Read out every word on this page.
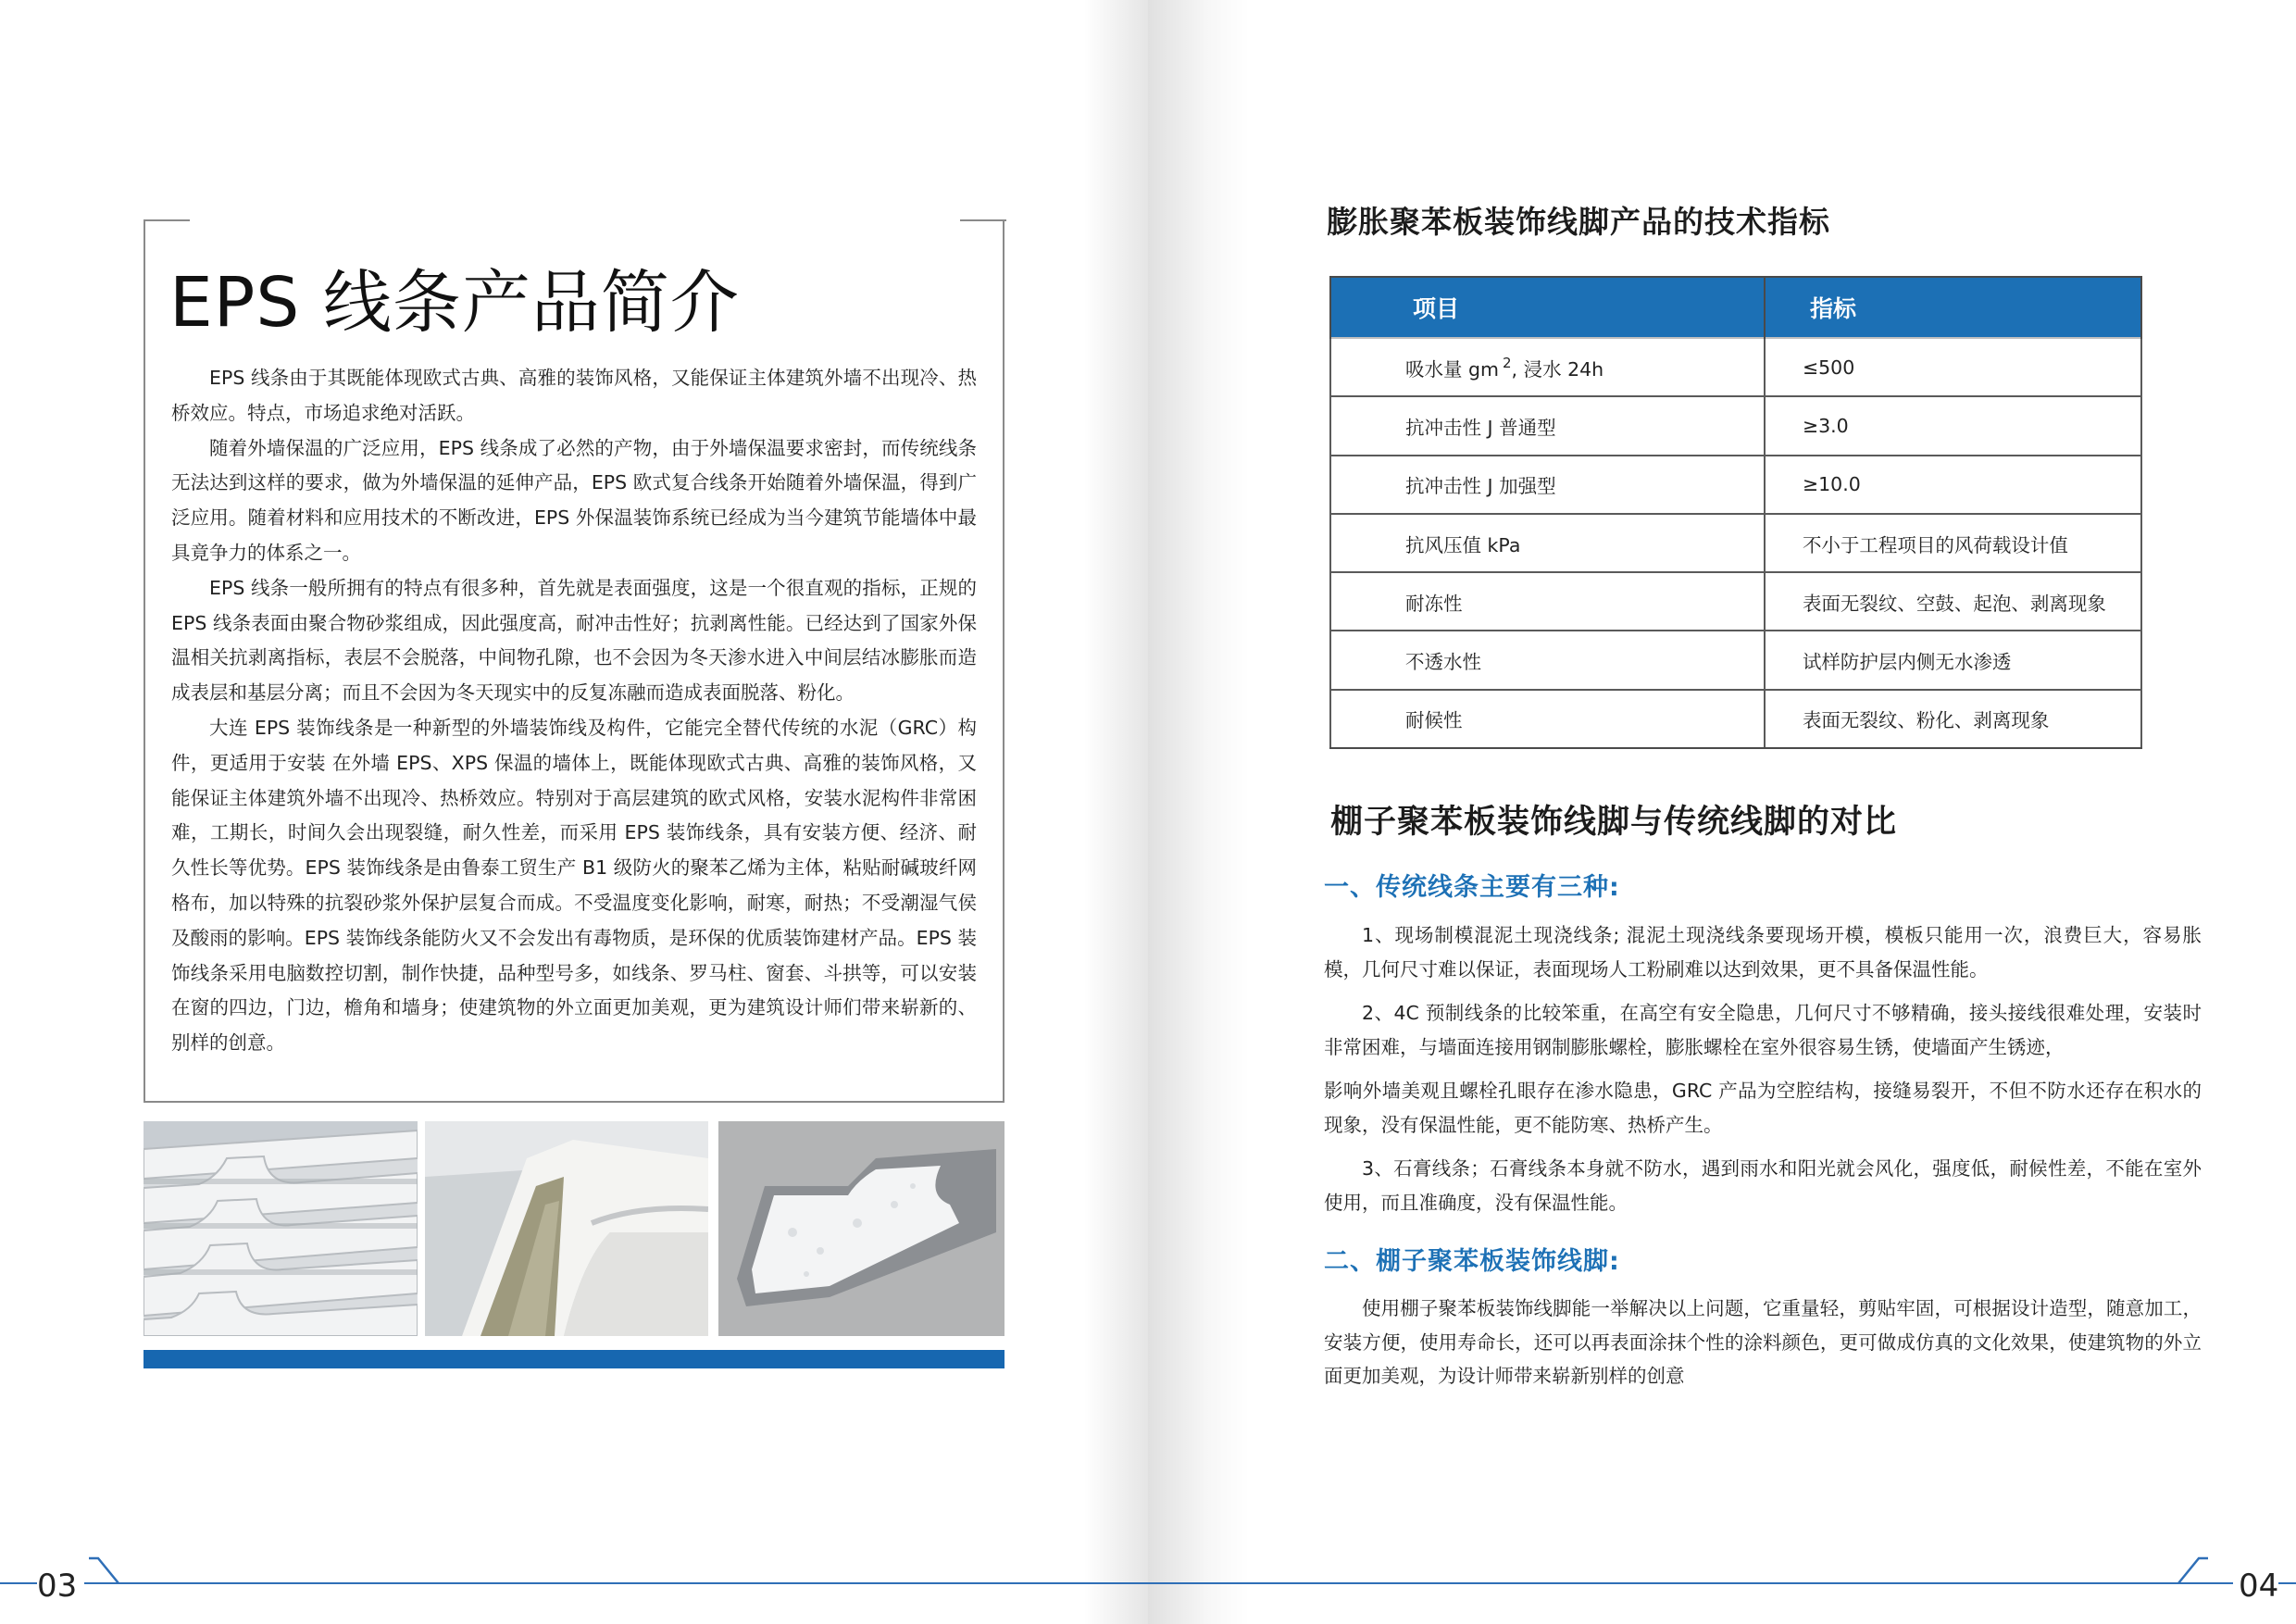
EPS 线条产品简介

EPS 线条由于其既能体现欧式古典、高雅的装饰风格，又能保证主体建筑外墙不出现冷、热桥效应。特点，市场追求绝对活跃。

随着外墙保温的广泛应用，EPS 线条成了必然的产物，由于外墙保温要求密封，而传统线条无法达到这样的要求，做为外墙保温的延伸产品，EPS 欧式复合线条开始随着外墙保温，得到广泛应用。随着材料和应用技术的不断改进，EPS 外保温装饰系统已经成为当今建筑节能墙体中最具竟争力的体系之一。

EPS 线条一般所拥有的特点有很多种，首先就是表面强度，这是一个很直观的指标，正规的 EPS 线条表面由聚合物砂浆组成，因此强度高，耐冲击性好；抗剥离性能。已经达到了国家外保温相关抗剥离指标，表层不会脱落，中间物孔隙，也不会因为冬天渗水进入中间层结冰膨胀而造成表层和基层分离；而且不会因为冬天现实中的反复冻融而造成表面脱落、粉化。

大连 EPS 装饰线条是一种新型的外墙装饰线及构件，它能完全替代传统的水泥（GRC）构件，更适用于安装 在外墙 EPS、XPS 保温的墙体上，既能体现欧式古典、高雅的装饰风格，又能保证主体建筑外墙不出现冷、热桥效应。特别对于高层建筑的欧式风格，安装水泥构件非常困难，工期长，时间久会出现裂缝，耐久性差，而采用 EPS 装饰线条，具有安装方便、经济、耐久性长等优势。EPS 装饰线条是由鲁泰工贸生产 B1 级防火的聚苯乙烯为主体，粘贴耐碱玻纤网格布，加以特殊的抗裂砂浆外保护层复合而成。不受温度变化影响，耐寒，耐热；不受潮湿气侯及酸雨的影响。EPS 装饰线条能防火又不会发出有毒物质，是环保的优质装饰建材产品。EPS 装饰线条采用电脑数控切割，制作快捷，品种型号多，如线条、罗马柱、窗套、斗拱等，可以安装在窗的四边，门边，檐角和墙身；使建筑物的外立面更加美观，更为建筑设计师们带来崭新的、别样的创意。

03
膨胀聚苯板装饰线脚产品的技术指标
项目	指标
吸水量 gm $^2$, 浸水 24h	≤500
抗冲击性 J 普通型	≥3.0
抗冲击性 J 加强型	≥10.0
抗风压值 kPa	不小于工程项目的风荷载设计值
耐冻性	表面无裂纹、空鼓、起泡、剥离现象
不透水性	试样防护层内侧无水渗透
耐候性	表面无裂纹、粉化、剥离现象
棚子聚苯板装饰线脚与传统线脚的对比
一、传统线条主要有三种:

1、现场制模混泥土现浇线条; 混泥土现浇线条要现场开模，模板只能用一次，浪费巨大，容易胀模，几何尺寸难以保证，表面现场人工粉刷难以达到效果，更不具备保温性能。

2、4C 预制线条的比较笨重，在高空有安全隐患，几何尺寸不够精确，接头接线很难处理，安装时非常困难，与墙面连接用钢制膨胀螺栓，膨胀螺栓在室外很容易生锈，使墙面产生锈迹，

影响外墙美观且螺栓孔眼存在渗水隐患，GRC 产品为空腔结构，接缝易裂开，不但不防水还存在积水的现象，没有保温性能，更不能防寒、热桥产生。

3、石膏线条；石膏线条本身就不防水，遇到雨水和阳光就会风化，强度低，耐候性差，不能在室外使用，而且准确度，没有保温性能。

二、棚子聚苯板装饰线脚:

使用棚子聚苯板装饰线脚能一举解决以上问题，它重量轻，剪贴牢固，可根据设计造型，随意加工，安装方便，使用寿命长，还可以再表面涂抹个性的涂料颜色，更可做成仿真的文化效果，使建筑物的外立面更加美观，为设计师带来崭新别样的创意

04
